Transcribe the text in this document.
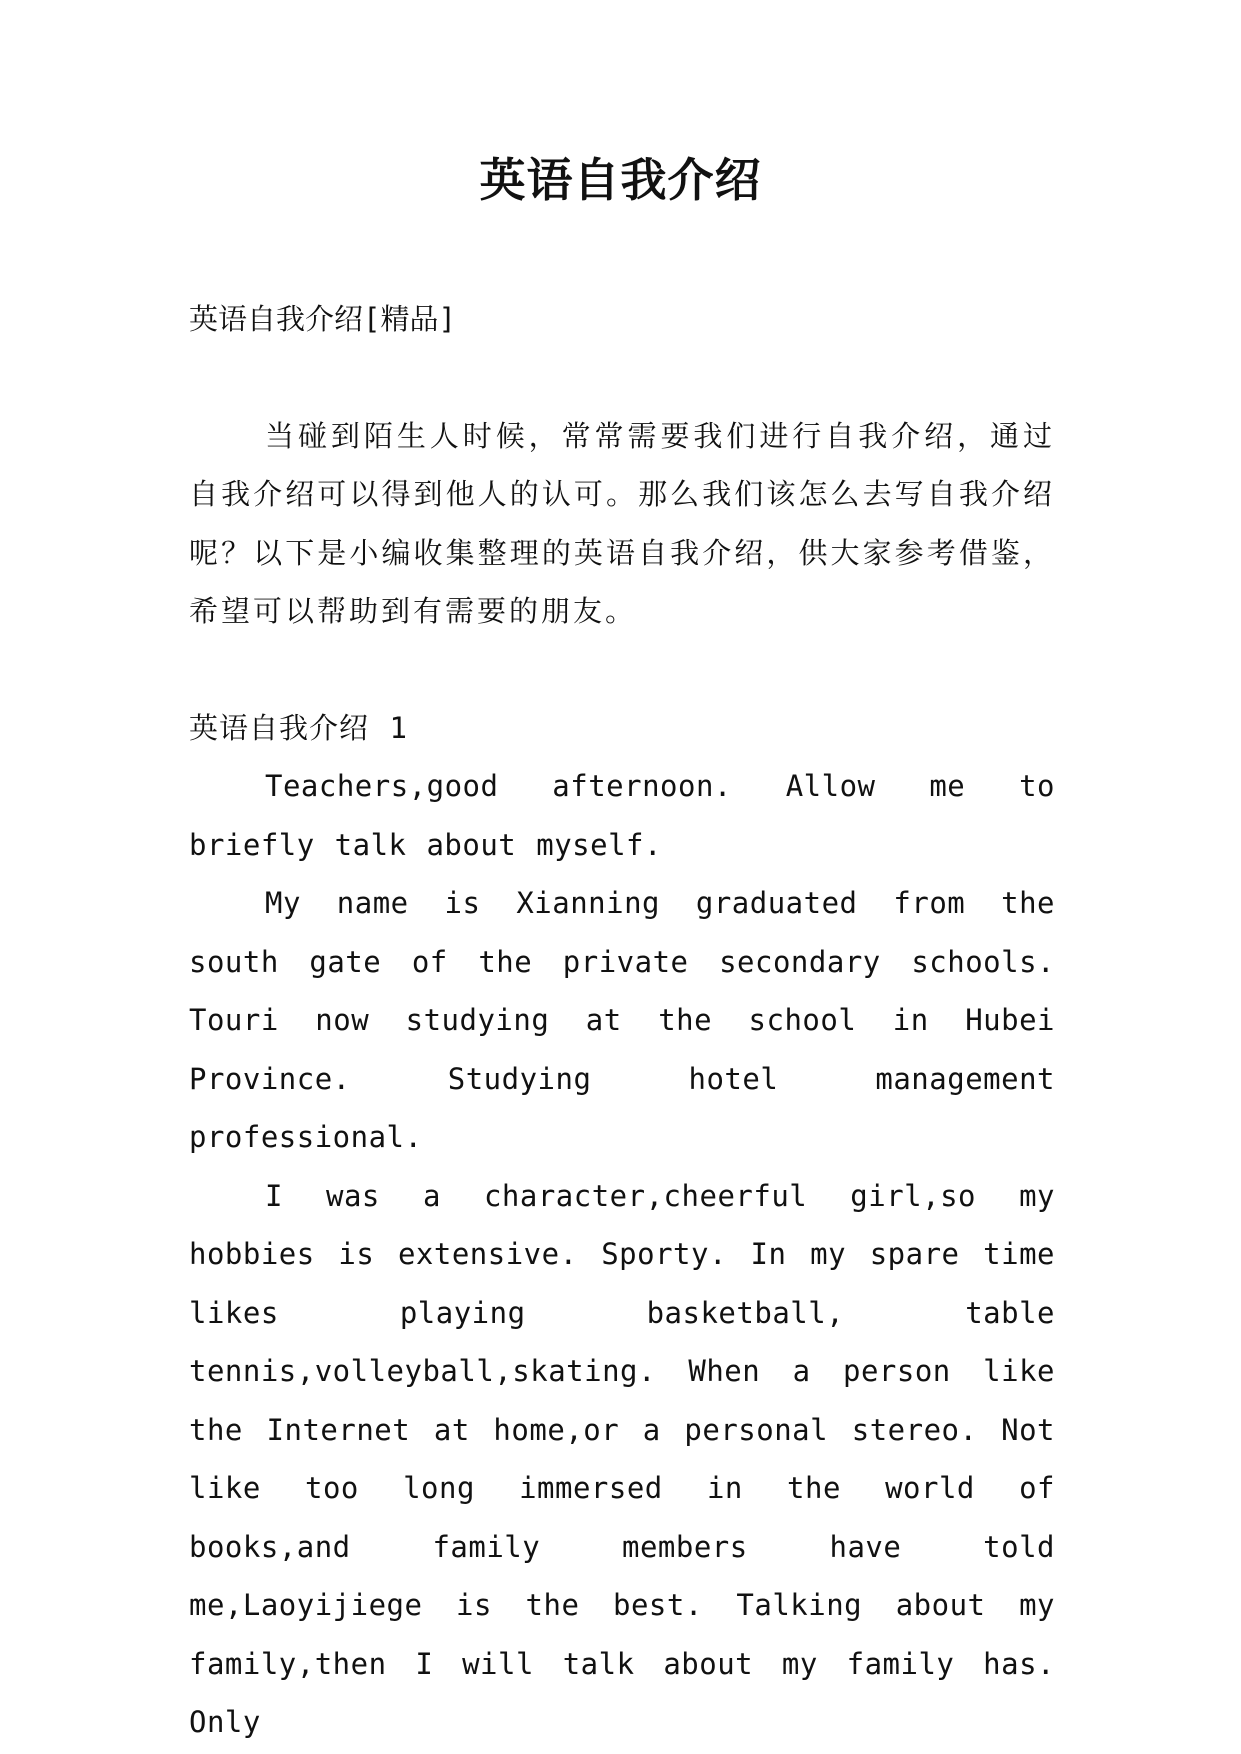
英语自我介绍

英语自我介绍[精品]

当碰到陌生人时候，常常需要我们进行自我介绍，通过自我介绍可以得到他人的认可。那么我们该怎么去写自我介绍呢？以下是小编收集整理的英语自我介绍，供大家参考借鉴，希望可以帮助到有需要的朋友。

英语自我介绍 1

Teachers,good afternoon. Allow me to briefly talk about myself.

My name is Xianning graduated from the south gate of the private secondary schools. Touri now studying at the school in Hubei Province. Studying hotel management professional.

I was a character,cheerful girl,so my hobbies is extensive. Sporty. In my spare time likes playing basketball, table tennis,volleyball,skating. When a person like the Internet at home,or a personal stereo. Not like too long immersed in the world of books,and family members have told me,Laoyijiege is the best. Talking about my family,then I will talk about my family has. Only
